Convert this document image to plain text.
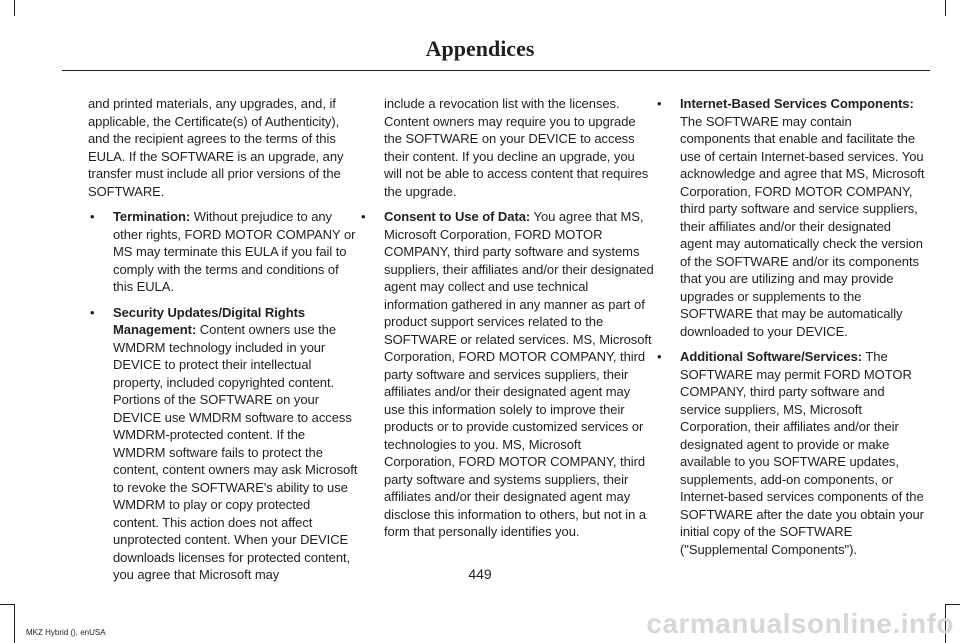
Appendices

and printed materials, any upgrades, and, if applicable, the Certificate(s) of Authenticity), and the recipient agrees to the terms of this EULA. If the SOFTWARE is an upgrade, any transfer must include all prior versions of the SOFTWARE.

• Termination: Without prejudice to any other rights, FORD MOTOR COMPANY or MS may terminate this EULA if you fail to comply with the terms and conditions of this EULA.
• Security Updates/Digital Rights Management: Content owners use the WMDRM technology included in your DEVICE to protect their intellectual property, included copyrighted content. Portions of the SOFTWARE on your DEVICE use WMDRM software to access WMDRM-protected content. If the WMDRM software fails to protect the content, content owners may ask Microsoft to revoke the SOFTWARE's ability to use WMDRM to play or copy protected content. This action does not affect unprotected content. When your DEVICE downloads licenses for protected content, you agree that Microsoft may

include a revocation list with the licenses. Content owners may require you to upgrade the SOFTWARE on your DEVICE to access their content. If you decline an upgrade, you will not be able to access content that requires the upgrade.

• Consent to Use of Data: You agree that MS, Microsoft Corporation, FORD MOTOR COMPANY, third party software and systems suppliers, their affiliates and/or their designated agent may collect and use technical information gathered in any manner as part of product support services related to the SOFTWARE or related services. MS, Microsoft Corporation, FORD MOTOR COMPANY, third party software and services suppliers, their affiliates and/or their designated agent may use this information solely to improve their products or to provide customized services or technologies to you. MS, Microsoft Corporation, FORD MOTOR COMPANY, third party software and systems suppliers, their affiliates and/or their designated agent may disclose this information to others, but not in a form that personally identifies you.
• Internet-Based Services Components: The SOFTWARE may contain components that enable and facilitate the use of certain Internet-based services. You acknowledge and agree that MS, Microsoft Corporation, FORD MOTOR COMPANY, third party software and service suppliers, their affiliates and/or their designated agent may automatically check the version of the SOFTWARE and/or its components that you are utilizing and may provide upgrades or supplements to the SOFTWARE that may be automatically downloaded to your DEVICE.
• Additional Software/Services: The SOFTWARE may permit FORD MOTOR COMPANY, third party software and service suppliers, MS, Microsoft Corporation, their affiliates and/or their designated agent to provide or make available to you SOFTWARE updates, supplements, add-on components, or Internet-based services components of the SOFTWARE after the date you obtain your initial copy of the SOFTWARE ("Supplemental Components").
449
MKZ Hybrid (), enUSA	carmanualsonline.info
